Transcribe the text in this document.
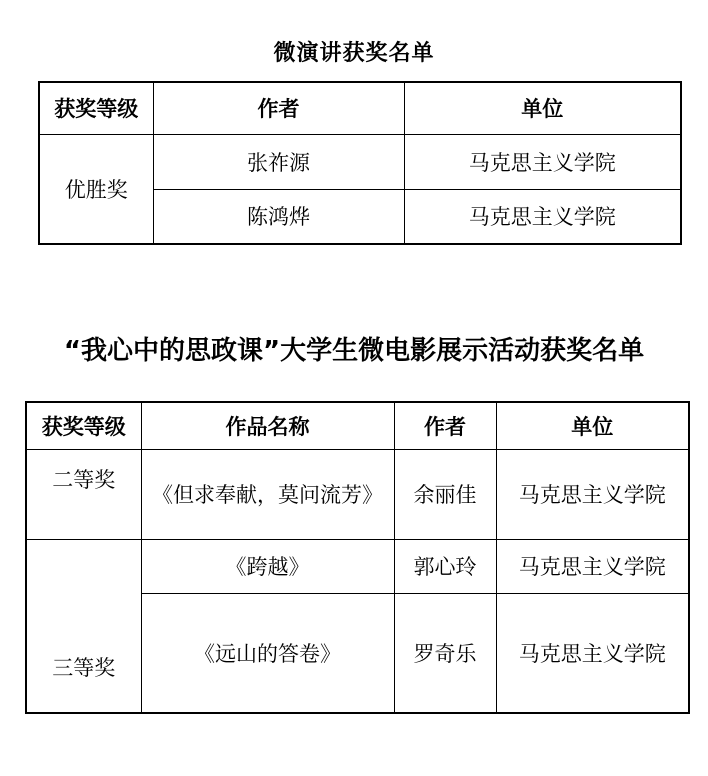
微演讲获奖名单
获奖等级	作者	单位
优胜奖	张祚源	马克思主义学院
	陈鸿烨	马克思主义学院
“我心中的思政课”大学生微电影展示活动获奖名单
获奖等级	作品名称	作者	单位
二等奖	《但求奉献，莫问流芳》	余丽佳	马克思主义学院
三等奖	《跨越》	郭心玲	马克思主义学院
	《远山的答卷》	罗奇乐	马克思主义学院
